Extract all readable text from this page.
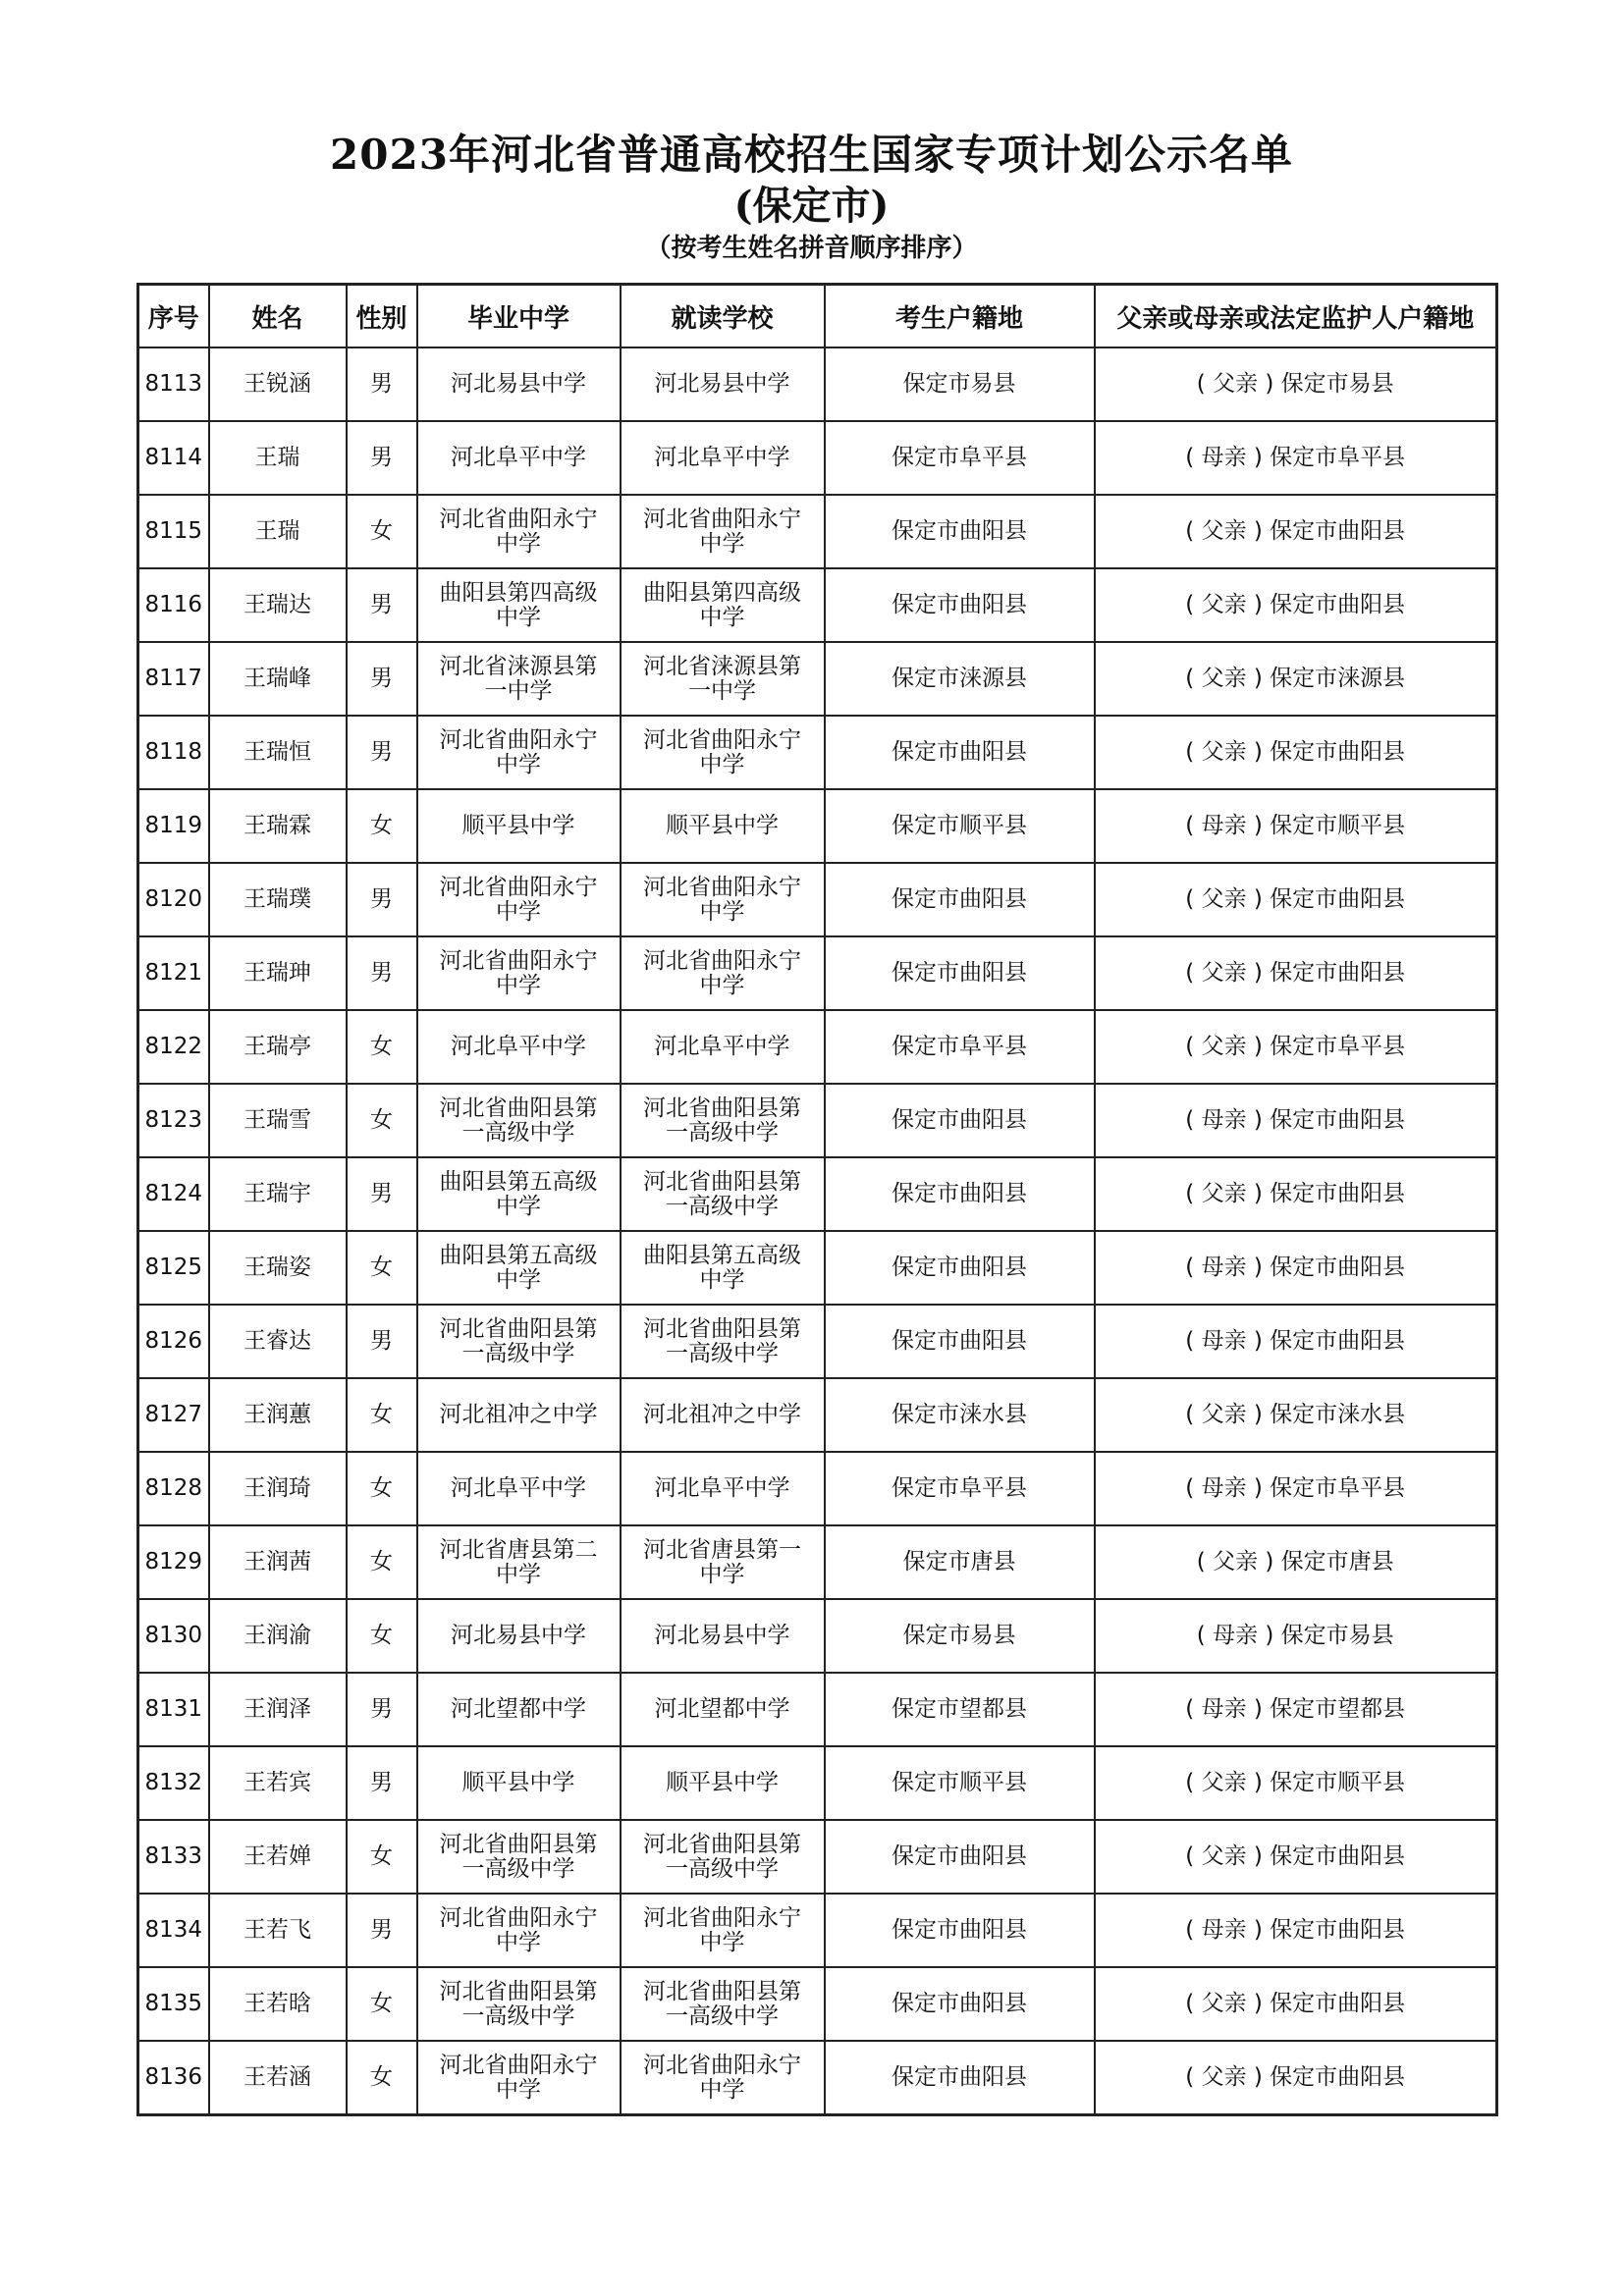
2023年河北省普通高校招生国家专项计划公示名单
(保定市)
（按考生姓名拼音顺序排序）
序号	姓名	性别	毕业中学	就读学校	考生户籍地	父亲或母亲或法定监护人户籍地
8113	王锐涵	男	河北易县中学	河北易县中学	保定市易县	( 父亲 ) 保定市易县
8114	王瑞	男	河北阜平中学	河北阜平中学	保定市阜平县	( 母亲 ) 保定市阜平县
8115	王瑞	女	河北省曲阳永宁中学	河北省曲阳永宁中学	保定市曲阳县	( 父亲 ) 保定市曲阳县
8116	王瑞达	男	曲阳县第四高级中学	曲阳县第四高级中学	保定市曲阳县	( 父亲 ) 保定市曲阳县
8117	王瑞峰	男	河北省涞源县第一中学	河北省涞源县第一中学	保定市涞源县	( 父亲 ) 保定市涞源县
8118	王瑞恒	男	河北省曲阳永宁中学	河北省曲阳永宁中学	保定市曲阳县	( 父亲 ) 保定市曲阳县
8119	王瑞霖	女	顺平县中学	顺平县中学	保定市顺平县	( 母亲 ) 保定市顺平县
8120	王瑞璞	男	河北省曲阳永宁中学	河北省曲阳永宁中学	保定市曲阳县	( 父亲 ) 保定市曲阳县
8121	王瑞珅	男	河北省曲阳永宁中学	河北省曲阳永宁中学	保定市曲阳县	( 父亲 ) 保定市曲阳县
8122	王瑞亭	女	河北阜平中学	河北阜平中学	保定市阜平县	( 父亲 ) 保定市阜平县
8123	王瑞雪	女	河北省曲阳县第一高级中学	河北省曲阳县第一高级中学	保定市曲阳县	( 母亲 ) 保定市曲阳县
8124	王瑞宇	男	曲阳县第五高级中学	河北省曲阳县第一高级中学	保定市曲阳县	( 父亲 ) 保定市曲阳县
8125	王瑞姿	女	曲阳县第五高级中学	曲阳县第五高级中学	保定市曲阳县	( 母亲 ) 保定市曲阳县
8126	王睿达	男	河北省曲阳县第一高级中学	河北省曲阳县第一高级中学	保定市曲阳县	( 母亲 ) 保定市曲阳县
8127	王润蕙	女	河北祖冲之中学	河北祖冲之中学	保定市涞水县	( 父亲 ) 保定市涞水县
8128	王润琦	女	河北阜平中学	河北阜平中学	保定市阜平县	( 母亲 ) 保定市阜平县
8129	王润茜	女	河北省唐县第二中学	河北省唐县第一中学	保定市唐县	( 父亲 ) 保定市唐县
8130	王润渝	女	河北易县中学	河北易县中学	保定市易县	( 母亲 ) 保定市易县
8131	王润泽	男	河北望都中学	河北望都中学	保定市望都县	( 母亲 ) 保定市望都县
8132	王若宾	男	顺平县中学	顺平县中学	保定市顺平县	( 父亲 ) 保定市顺平县
8133	王若婵	女	河北省曲阳县第一高级中学	河北省曲阳县第一高级中学	保定市曲阳县	( 父亲 ) 保定市曲阳县
8134	王若飞	男	河北省曲阳永宁中学	河北省曲阳永宁中学	保定市曲阳县	( 母亲 ) 保定市曲阳县
8135	王若晗	女	河北省曲阳县第一高级中学	河北省曲阳县第一高级中学	保定市曲阳县	( 父亲 ) 保定市曲阳县
8136	王若涵	女	河北省曲阳永宁中学	河北省曲阳永宁中学	保定市曲阳县	( 父亲 ) 保定市曲阳县
